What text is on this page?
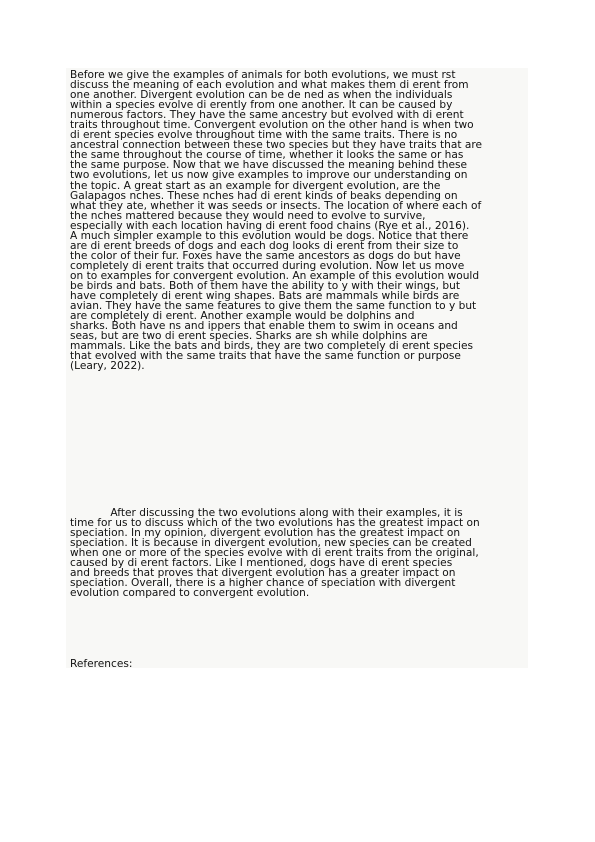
Before we give the examples of animals for both evolutions, we must rst
discuss the meaning of each evolution and what makes them di erent from
one another. Divergent evolution can be de ned as when the individuals
within a species evolve di erently from one another. It can be caused by
numerous factors. They have the same ancestry but evolved with di erent
traits throughout time. Convergent evolution on the other hand is when two
di erent species evolve throughout time with the same traits. There is no
ancestral connection between these two species but they have traits that are
the same throughout the course of time, whether it looks the same or has
the same purpose. Now that we have discussed the meaning behind these
two evolutions, let us now give examples to improve our understanding on
the topic. A great start as an example for divergent evolution, are the
Galapagos nches. These nches had di erent kinds of beaks depending on
what they ate, whether it was seeds or insects. The location of where each of
the nches mattered because they would need to evolve to survive,
especially with each location having di erent food chains (Rye et al., 2016).
A much simpler example to this evolution would be dogs. Notice that there
are di erent breeds of dogs and each dog looks di erent from their size to
the color of their fur. Foxes have the same ancestors as dogs do but have
completely di erent traits that occurred during evolution. Now let us move
on to examples for convergent evolution. An example of this evolution would
be birds and bats. Both of them have the ability to y with their wings, but
have completely di erent wing shapes. Bats are mammals while birds are
avian. They have the same features to give them the same function to y but
are completely di erent. Another example would be dolphins and
sharks. Both have ns and ippers that enable them to swim in oceans and
seas, but are two di erent species. Sharks are sh while dolphins are
mammals. Like the bats and birds, they are two completely di erent species
that evolved with the same traits that have the same function or purpose
(Leary, 2022).
After discussing the two evolutions along with their examples, it is
time for us to discuss which of the two evolutions has the greatest impact on
speciation. In my opinion, divergent evolution has the greatest impact on
speciation. It is because in divergent evolution, new species can be created
when one or more of the species evolve with di erent traits from the original,
caused by di erent factors. Like I mentioned, dogs have di erent species
and breeds that proves that divergent evolution has a greater impact on
speciation. Overall, there is a higher chance of speciation with divergent
evolution compared to convergent evolution.
References:
